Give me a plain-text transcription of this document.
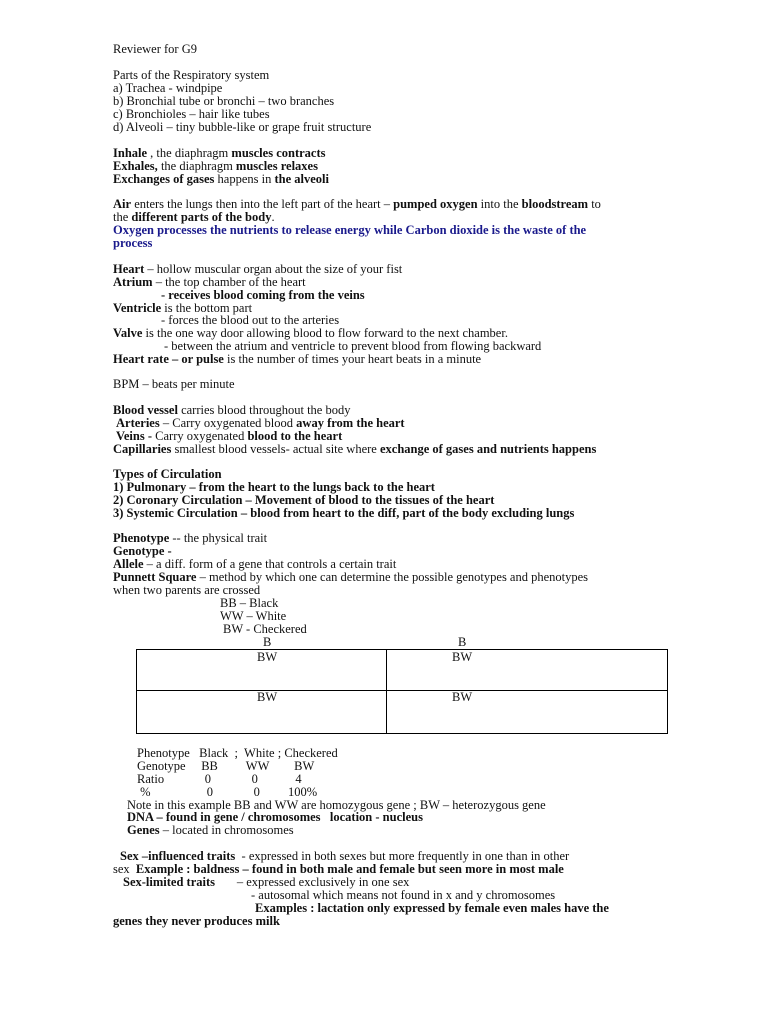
Reviewer for G9
Parts of the Respiratory system
a) Trachea - windpipe
b) Bronchial tube or bronchi – two branches
c) Bronchioles – hair like tubes
d) Alveoli – tiny bubble-like or grape fruit structure
Inhale , the diaphragm muscles contracts
Exhales, the diaphragm muscles relaxes
Exchanges of gases happens in the alveoli
Air enters the lungs then into the left part of the heart – pumped oxygen into the bloodstream to
the different parts of the body.
Oxygen processes the nutrients to release energy while Carbon dioxide is the waste of the
process
Heart – hollow muscular organ about the size of your fist
Atrium – the top chamber of the heart
- receives blood coming from the veins
Ventricle is the bottom part
- forces the blood out to the arteries
Valve is the one way door allowing blood to flow forward to the next chamber.
- between the atrium and ventricle to prevent blood from flowing backward
Heart rate – or pulse is the number of times your heart beats in a minute
BPM – beats per minute
Blood vessel carries blood throughout the body
Arteries – Carry oxygenated blood away from the heart
Veins - Carry oxygenated blood to the heart
Capillaries smallest blood vessels- actual site where exchange of gases and nutrients happens
Types of Circulation
1) Pulmonary – from the heart to the lungs back to the heart
2) Coronary Circulation – Movement of blood to the tissues of the heart
3) Systemic Circulation – blood from heart to the diff, part of the body excluding lungs
Phenotype -- the physical trait
Genotype -
Allele – a diff. form of a gene that controls a certain trait
Punnett Square – method by which one can determine the possible genotypes and phenotypes
when two parents are crossed
BB – Black
WW – White
BW - Checkered
B	B
BW	BW
BW	BW
Phenotype   Black  ;  White ; Checkered
Genotype     BB         WW        BW
Ratio             0             0            4
%                  0             0         100%
Note in this example BB and WW are homozygous gene ; BW – heterozygous gene
DNA – found in gene / chromosomes   location - nucleus
Genes – located in chromosomes
Sex –influenced traits  - expressed in both sexes but more frequently in one than in other
sex  Example : baldness – found in both male and female but seen more in most male
Sex-limited traits       – expressed exclusively in one sex
- autosomal which means not found in x and y chromosomes
Examples : lactation only expressed by female even males have the
genes they never produces milk
